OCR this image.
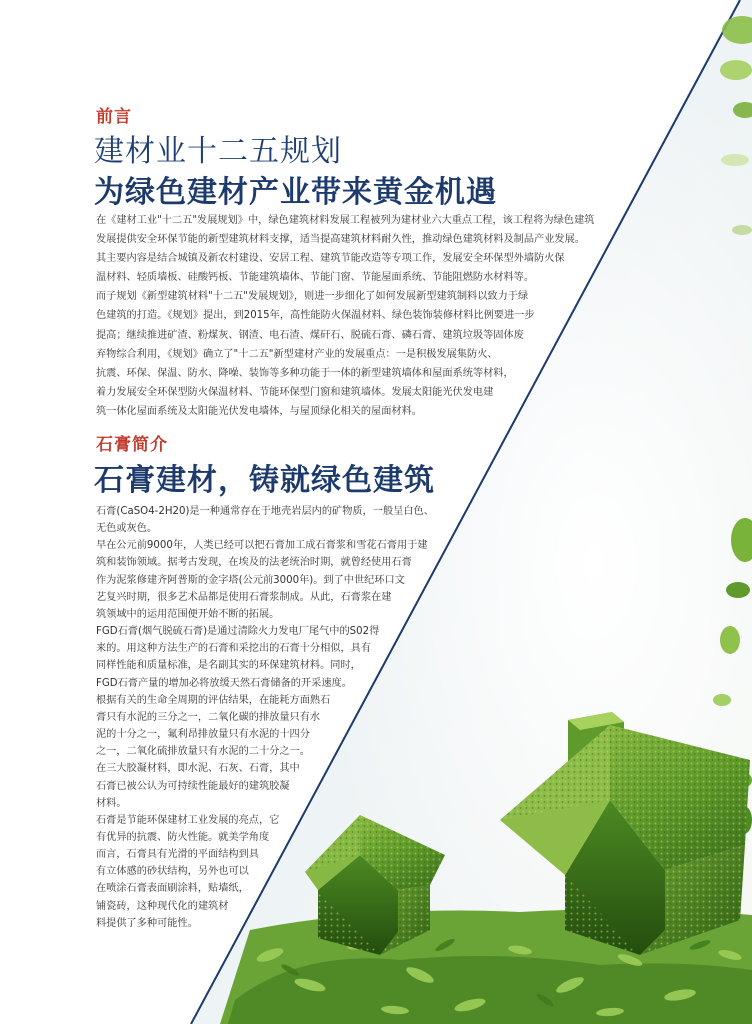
前言
建材业十二五规划
为绿色建材产业带来黄金机遇
在《建材工业"十二五"发展规划》中，绿色建筑材料发展工程被列为建材业六大重点工程，该工程将为绿色建筑
发展提供安全环保节能的新型建筑材料支撑，适当提高建筑材料耐久性，推动绿色建筑材料及制品产业发展。
其主要内容是结合城镇及新农村建设、安居工程、建筑节能改造等专项工作，发展安全环保型外墙防火保
温材料、轻质墙板、硅酸钙板、节能建筑墙体、节能门窗、节能屋面系统、节能阻燃防水材料等。
而子规划《新型建筑材料"十二五"发展规划》，则进一步细化了如何发展新型建筑制料以致力于绿
色建筑的打造。《规划》提出，到2015年，高性能防火保温材料、绿色装饰装修材料比例要进一步
提高；继续推进矿渣、粉煤灰、钢渣、电石渣、煤矸石、脱硫石膏、磷石膏、建筑垃圾等固体废
弃物综合利用，《规划》确立了"十二五"新型建材产业的发展重点：一是积极发展集防火、
抗震、环保、保温、防水、降噪、装饰等多种功能于一体的新型建筑墙体和屋面系统等材料，
着力发展安全环保型防火保温材料、节能环保型门窗和建筑墙体。发展太阳能光伏发电建
筑一体化屋面系统及太阳能光伏发电墙体，与屋顶绿化相关的屋面材料。
石膏简介
石膏建材，铸就绿色建筑
石膏(CaSO4-2H20)是一种通常存在于地壳岩层内的矿物质，一般呈白色、
无色或灰色。
早在公元前9000年，人类已经可以把石膏加工成石膏浆和雪花石膏用于建
筑和装饰领域。据考古发现，在埃及的法老统治时期，就曾经使用石膏
作为泥浆修建齐阿普斯的金字塔(公元前3000年)。到了中世纪环口文
艺复兴时期，很多艺术品都是使用石膏浆制成。从此，石膏浆在建
筑领域中的运用范围便开始不断的拓展。
FGD石膏(烟气脱硫石膏)是通过清除火力发电厂尾气中的S02得
来的。用这种方法生产的石膏和采挖出的石膏十分相似，具有
同样性能和质量标准，是名副其实的环保建筑材料。同时，
FGD石膏产量的增加必将放缓天然石膏储备的开采速度。
根据有关的生命全周期的评估结果，在能耗方面熟石
膏只有水泥的三分之一，二氧化碳的排放量只有水
泥的十分之一，氟利昂排放量只有水泥的十四分
之一，二氧化硫排放量只有水泥的二十分之一。
在三大胶凝材料，即水泥、石灰、石膏，其中
石膏已被公认为可持续性能最好的建筑胶凝
材料。
石膏是节能环保建材工业发展的亮点，它
有优异的抗震、防火性能。就美学角度
而言，石膏具有光滑的平面结构到具
有立体感的砂状结构，另外也可以
在喷涂石膏表面刷涂料，贴墙纸，
铺瓷砖，这种现代化的建筑材
料提供了多种可能性。
